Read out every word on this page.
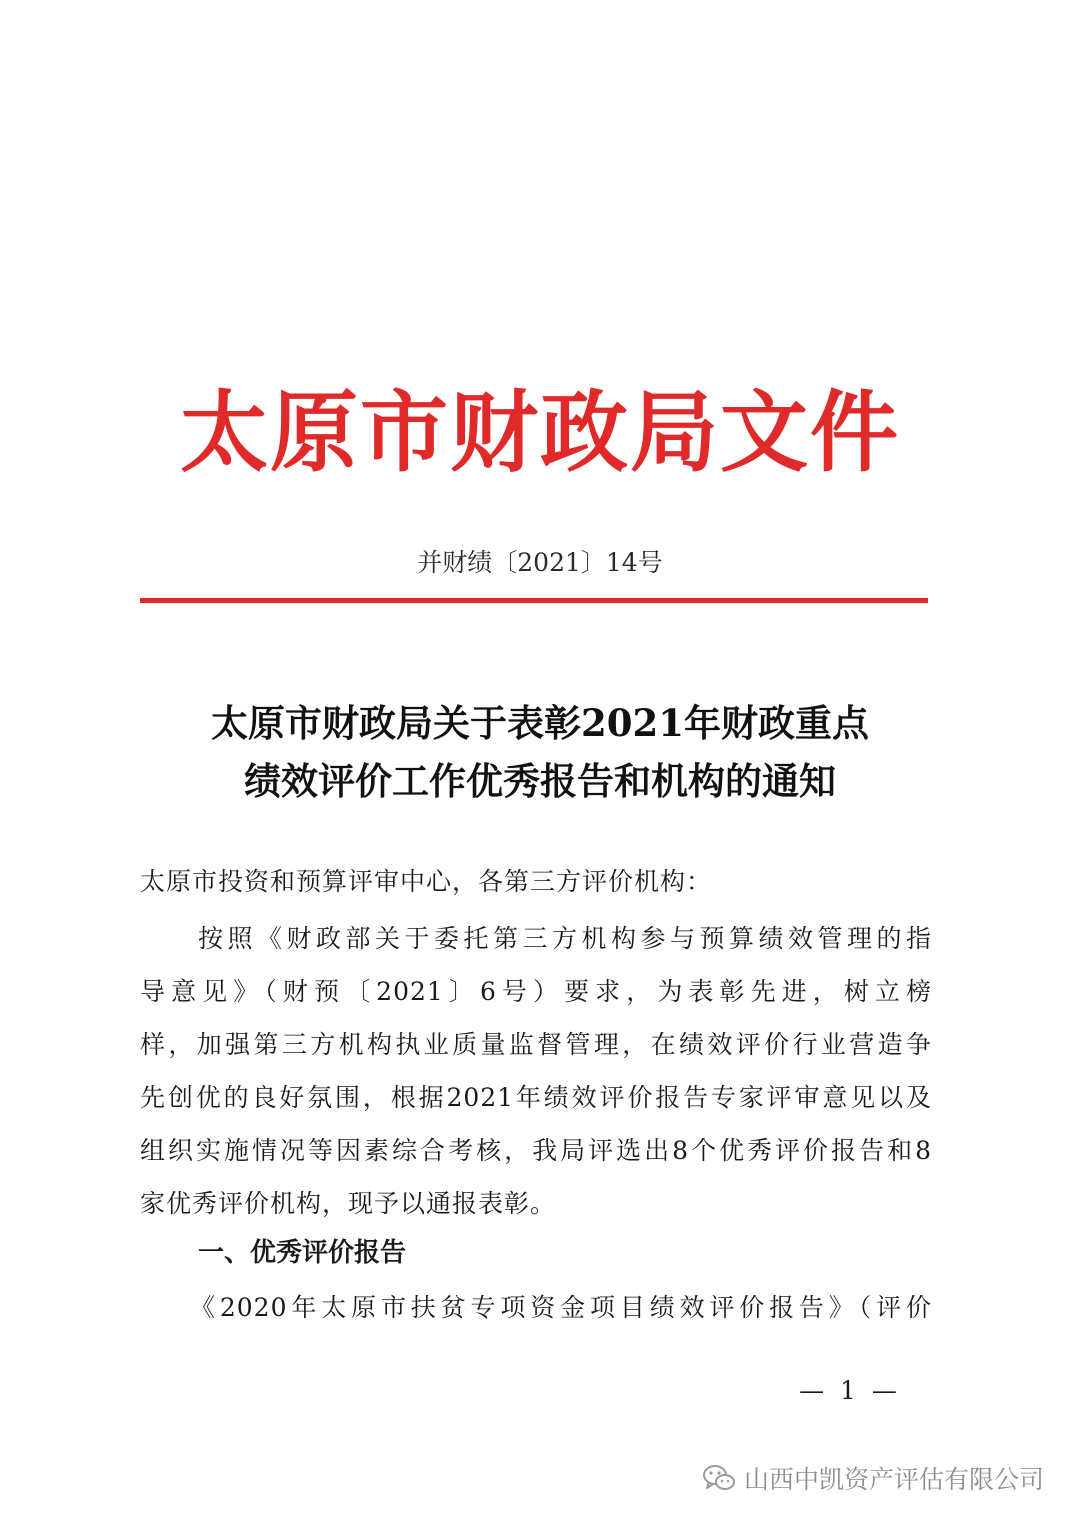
太原市财政局文件
并财绩〔2021〕14号
太原市财政局关于表彰2021年财政重点
绩效评价工作优秀报告和机构的通知
太原市投资和预算评审中心，各第三方评价机构：
按照《财政部关于委托第三方机构参与预算绩效管理的指
导意见》（财预〔2021〕6号）要求，为表彰先进，树立榜
样，加强第三方机构执业质量监督管理，在绩效评价行业营造争
先创优的良好氛围，根据2021年绩效评价报告专家评审意见以及
组织实施情况等因素综合考核，我局评选出8个优秀评价报告和8
家优秀评价机构，现予以通报表彰。
一、优秀评价报告
《2020年太原市扶贫专项资金项目绩效评价报告》（评价
— 1 —
山西中凯资产评估有限公司
